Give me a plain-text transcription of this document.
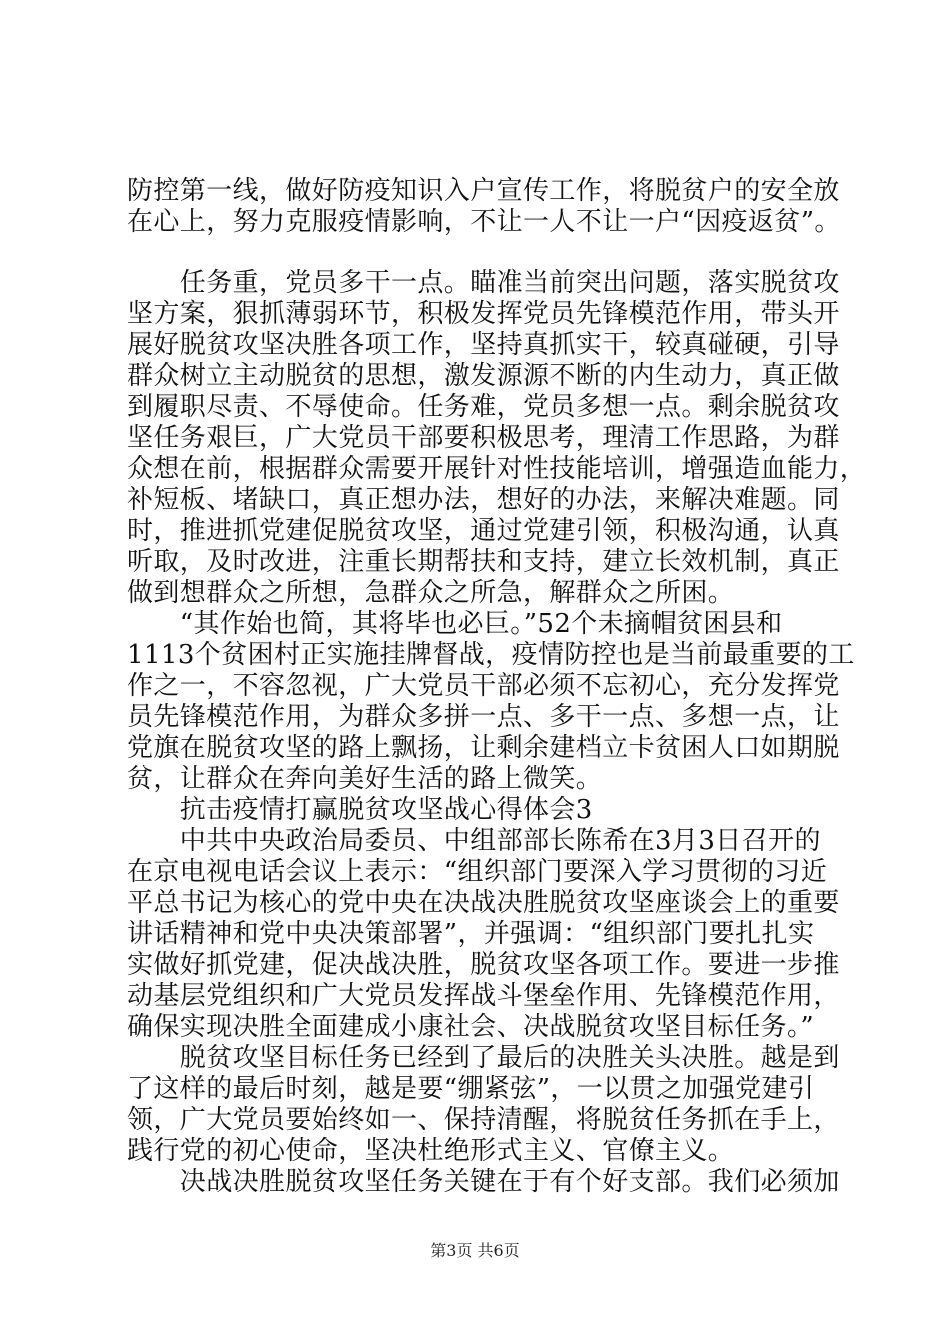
防控第一线，做好防疫知识入户宣传工作，将脱贫户的安全放
在心上，努力克服疫情影响，不让一人不让一户“因疫返贫”。
　　任务重，党员多干一点。瞄准当前突出问题，落实脱贫攻
坚方案，狠抓薄弱环节，积极发挥党员先锋模范作用，带头开
展好脱贫攻坚决胜各项工作，坚持真抓实干，较真碰硬，引导
群众树立主动脱贫的思想，激发源源不断的内生动力，真正做
到履职尽责、不辱使命。任务难，党员多想一点。剩余脱贫攻
坚任务艰巨，广大党员干部要积极思考，理清工作思路，为群
众想在前，根据群众需要开展针对性技能培训，增强造血能力，
补短板、堵缺口，真正想办法，想好的办法，来解决难题。同
时，推进抓党建促脱贫攻坚，通过党建引领，积极沟通，认真
听取，及时改进，注重长期帮扶和支持，建立长效机制，真正
做到想群众之所想，急群众之所急，解群众之所困。
　　“其作始也简，其将毕也必巨。”52个未摘帽贫困县和
1113个贫困村正实施挂牌督战，疫情防控也是当前最重要的工
作之一，不容忽视，广大党员干部必须不忘初心，充分发挥党
员先锋模范作用，为群众多拼一点、多干一点、多想一点，让
党旗在脱贫攻坚的路上飘扬，让剩余建档立卡贫困人口如期脱
贫，让群众在奔向美好生活的路上微笑。
　　抗击疫情打赢脱贫攻坚战心得体会3
　　中共中央政治局委员、中组部部长陈希在3月3日召开的
在京电视电话会议上表示：“组织部门要深入学习贯彻的习近
平总书记为核心的党中央在决战决胜脱贫攻坚座谈会上的重要
讲话精神和党中央决策部署”，并强调：“组织部门要扎扎实
实做好抓党建，促决战决胜，脱贫攻坚各项工作。要进一步推
动基层党组织和广大党员发挥战斗堡垒作用、先锋模范作用，
确保实现决胜全面建成小康社会、决战脱贫攻坚目标任务。”
　　脱贫攻坚目标任务已经到了最后的决胜关头决胜。越是到
了这样的最后时刻，越是要“绷紧弦”，一以贯之加强党建引
领，广大党员要始终如一、保持清醒，将脱贫任务抓在手上，
践行党的初心使命，坚决杜绝形式主义、官僚主义。
　　决战决胜脱贫攻坚任务关键在于有个好支部。我们必须加
第3页 共6页
